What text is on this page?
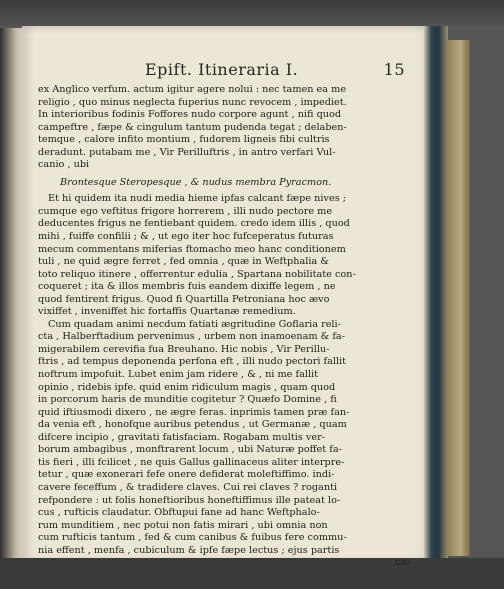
Epift. Itineraria I.	15
ex Anglico verfum. actum igitur agere nolui : nec tamen ea me
religio , quo minus neglecta fuperius nunc revocem , impediet.
In interioribus fodinis Foffores nudo corpore agunt , nifi quod
campeftre , fæpe & cingulum tantum pudenda tegat ; delaben-
temque , calore infito montium , fudorem ligneis fibi cultris
deradunt. putabam me , Vir Perilluftris , in antro verfari Vul-
canio , ubi
Brontesque Steropesque , & nudus membra Pyracmon.
Et hi quidem ita nudi media hieme ipfas calcant fæpe nives ;
cumque ego veftitus frigore horrerem , illi nudo pectore me
deducentes frigus ne fentiebant quidem. credo idem illis , quod
mihi , fuiffe confilii ; & , ut ego iter hoc fufceperatus futuras
mecum commentans miferias ftomacho meo hanc conditionem
tuli , ne quid ægre ferret , fed omnia , quæ in Weftphalia &
toto reliquo itinere , offerrentur edulia , Spartana nobilitate con-
coqueret ; ita & illos membris fuis eandem dixiffe legem , ne
quod fentirent frigus. Quod fi Quartilla Petroniana hoc ævo
vixiffet , inveniffet hic fortaffis Quartanæ remedium.
Cum quadam animi necdum fatiati ægritudine Goflaria reli-
cta , Halberftadium pervenimus , urbem non inamoenam & fa-
migerabilem cerevifia fua Breuhano. Hic nobis , Vir Perillu-
ftris , ad tempus deponenda perfona eft , illi nudo pectori fallit
noftrum impofuit. Lubet enim jam ridere , & , ni me fallit
opinio , ridebis ipfe. quid enim ridiculum magis , quam quod
in porcorum haris de munditie cogitetur ? Quæfo Domine , fi
quid iftiusmodi dixero , ne ægre feras. inprimis tamen præ fan-
da venia eft , honofque auribus petendus , ut Germanæ , quam
difcere incipio , gravitati fatisfaciam. Rogabam multis ver-
borum ambagibus , monftrarent locum , ubi Naturæ poffet fa-
tis fieri , illi fcilicet , ne quis Gallus gallinaceus aliter interpre-
tetur , quæ exonerari fefe onere defiderat moleftiffimo. indi-
cavere feceffum , & tradidere claves. Cui rei claves ? roganti
refpondere : ut folis honeftioribus honeftiffimus ille pateat lo-
cus , rufticis claudatur. Obftupui fane ad hanc Weftphalo-
rum munditiem , nec potui non fatis mirari , ubi omnia non
cum rufticis tantum , fed & cum canibus & fuibus fere commu-
nia effent , menfa , cubiculum & ipfe fæpe lectus ; ejus partis
cu-
